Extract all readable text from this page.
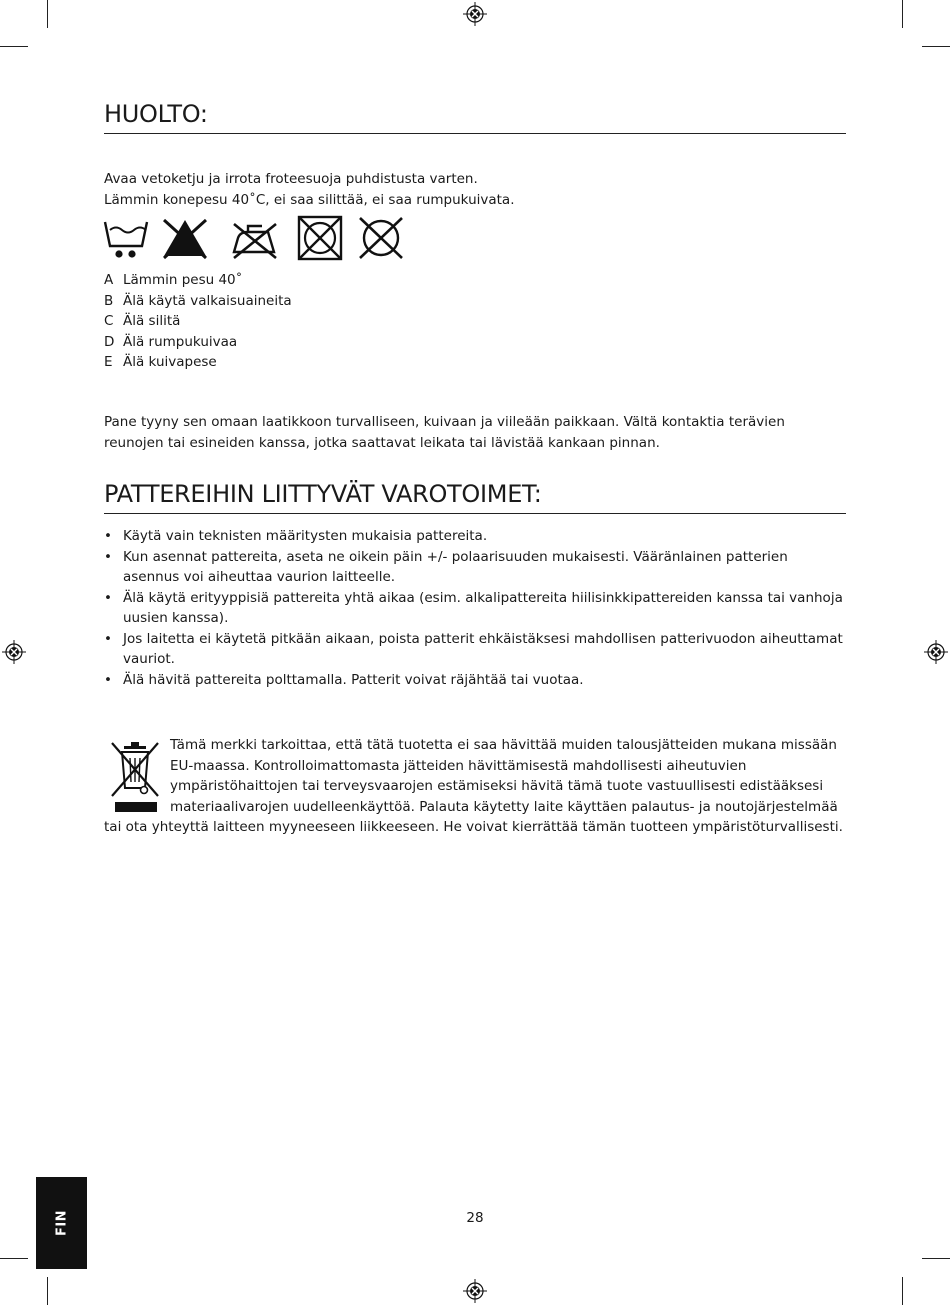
HUOLTO:
Avaa vetoketju ja irrota froteesuoja puhdistusta varten.
Lämmin konepesu 40˚C, ei saa silittää, ei saa rumpukuivata.
A Lämmin pesu 40˚
B Älä käytä valkaisuaineita
C Älä silitä
D Älä rumpukuivaa
E Älä kuivapese
Pane tyyny sen omaan laatikkoon turvalliseen, kuivaan ja viileään paikkaan. Vältä kontaktia terävien reunojen tai esineiden kanssa, jotka saattavat leikata tai lävistää kankaan pinnan.
PATTEREIHIN LIITTYVÄT VAROTOIMET:
• Käytä vain teknisten määritysten mukaisia pattereita.
• Kun asennat pattereita, aseta ne oikein päin +/- polaarisuuden mukaisesti. Vääränlainen patterien asennus voi aiheuttaa vaurion laitteelle.
• Älä käytä erityyppisiä pattereita yhtä aikaa (esim. alkalipattereita hiilisinkkipattereiden kanssa tai vanhoja uusien kanssa).
• Jos laitetta ei käytetä pitkään aikaan, poista patterit ehkäistäksesi mahdollisen patterivuodon aiheuttamat vauriot.
• Älä hävitä pattereita polttamalla. Patterit voivat räjähtää tai vuotaa.
Tämä merkki tarkoittaa, että tätä tuotetta ei saa hävittää muiden talousjätteiden mukana missään EU-maassa. Kontrolloimattomasta jätteiden hävittämisestä mahdollisesti aiheutuvien ympäristöhaittojen tai terveysvaarojen estämiseksi hävitä tämä tuote vastuullisesti edistääksesi materiaalivarojen uudelleenkäyttöä. Palauta käytetty laite käyttäen palautus- ja noutojärjestelmää tai ota yhteyttä laitteen myyneeseen liikkeeseen. He voivat kierrättää tämän tuotteen ympäristöturvallisesti.
FIN	28
